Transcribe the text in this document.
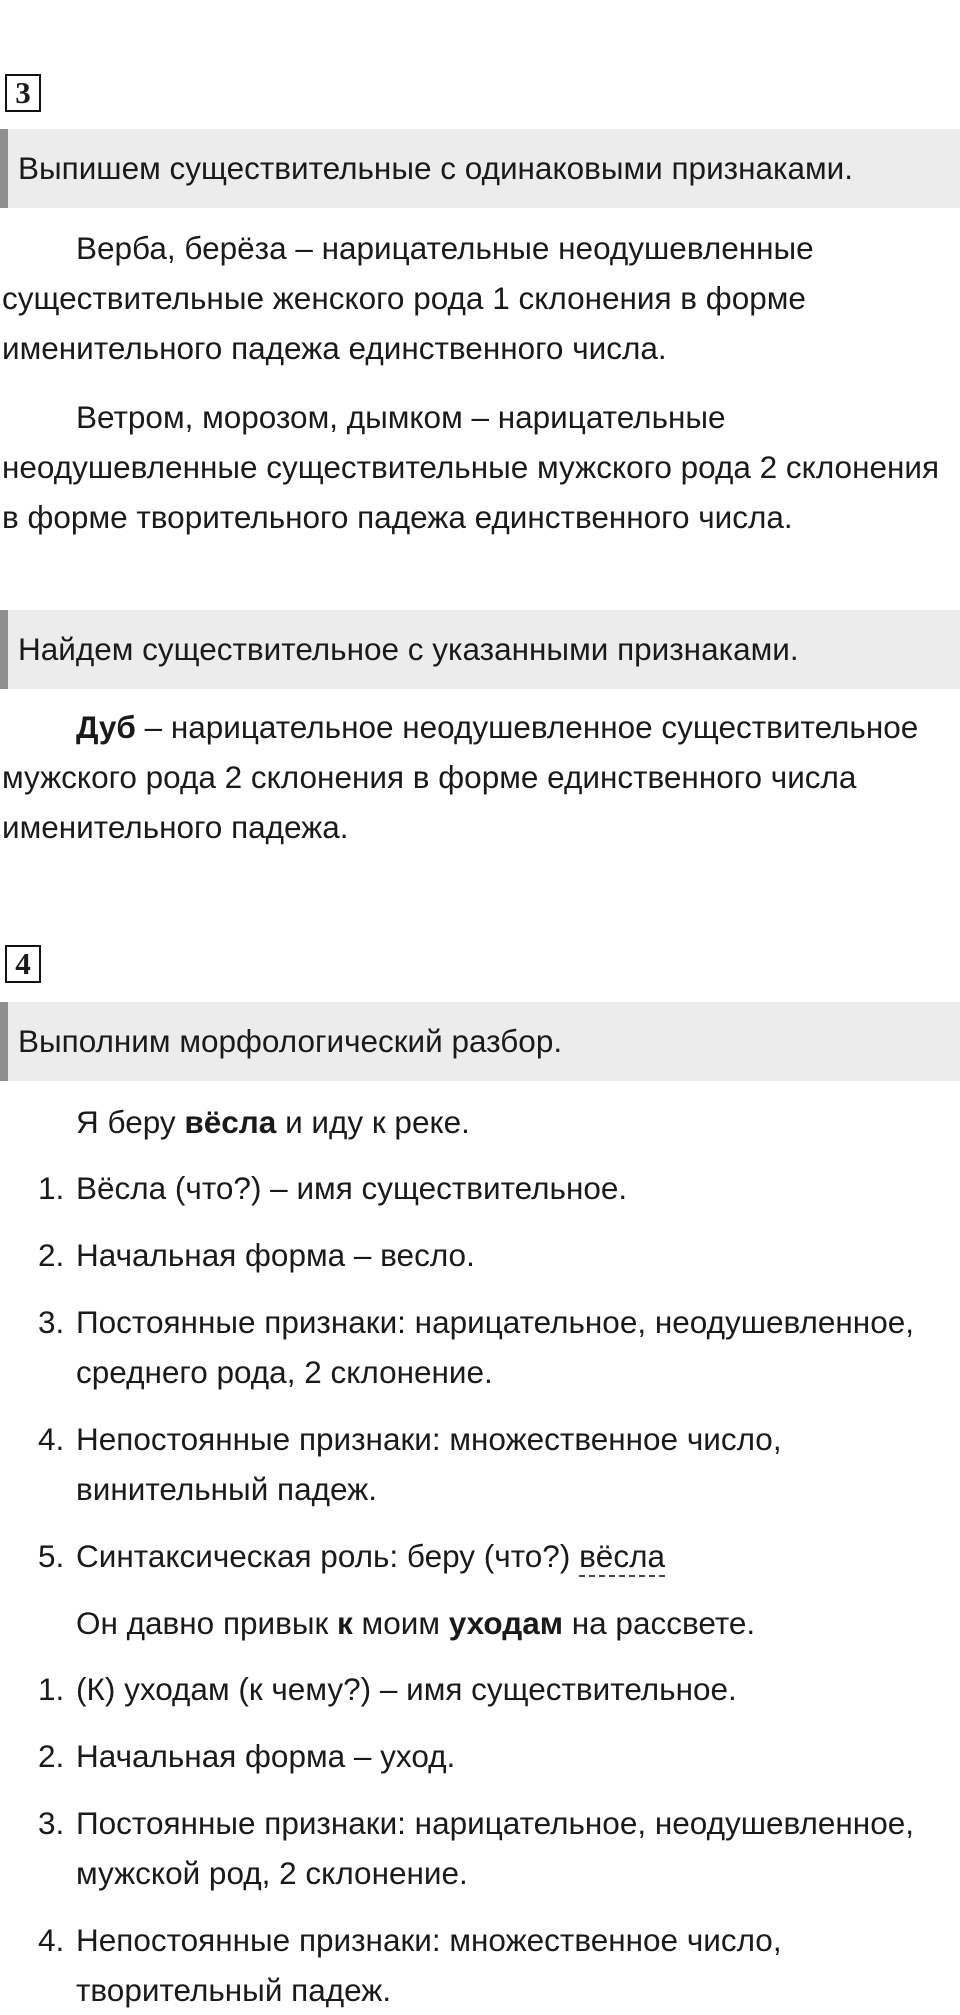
3
Выпишем существительные с одинаковыми признаками.

Верба, берёза – нарицательные неодушевленные существительные женского рода 1 склонения в форме именительного падежа единственного числа.

Ветром, морозом, дымком – нарицательные неодушевленные существительные мужского рода 2 склонения в форме творительного падежа единственного числа.

Найдем существительное с указанными признаками.

Дуб – нарицательное неодушевленное существительное мужского рода 2 склонения в форме единственного числа именительного падежа.

4
Выполним морфологический разбор.
Я беру вёсла и иду к реке.
1. Вёсла (что?) – имя существительное.
2. Начальная форма – весло.
3. Постоянные признаки: нарицательное, неодушевленное, среднего рода, 2 склонение.
4. Непостоянные признаки: множественное число, винительный падеж.
5. Синтаксическая роль: беру (что?) вёсла
Он давно привык к моим уходам на рассвете.
1. (К) уходам (к чему?) – имя существительное.
2. Начальная форма – уход.
3. Постоянные признаки: нарицательное, неодушевленное, мужской род, 2 склонение.
4. Непостоянные признаки: множественное число, творительный падеж.
